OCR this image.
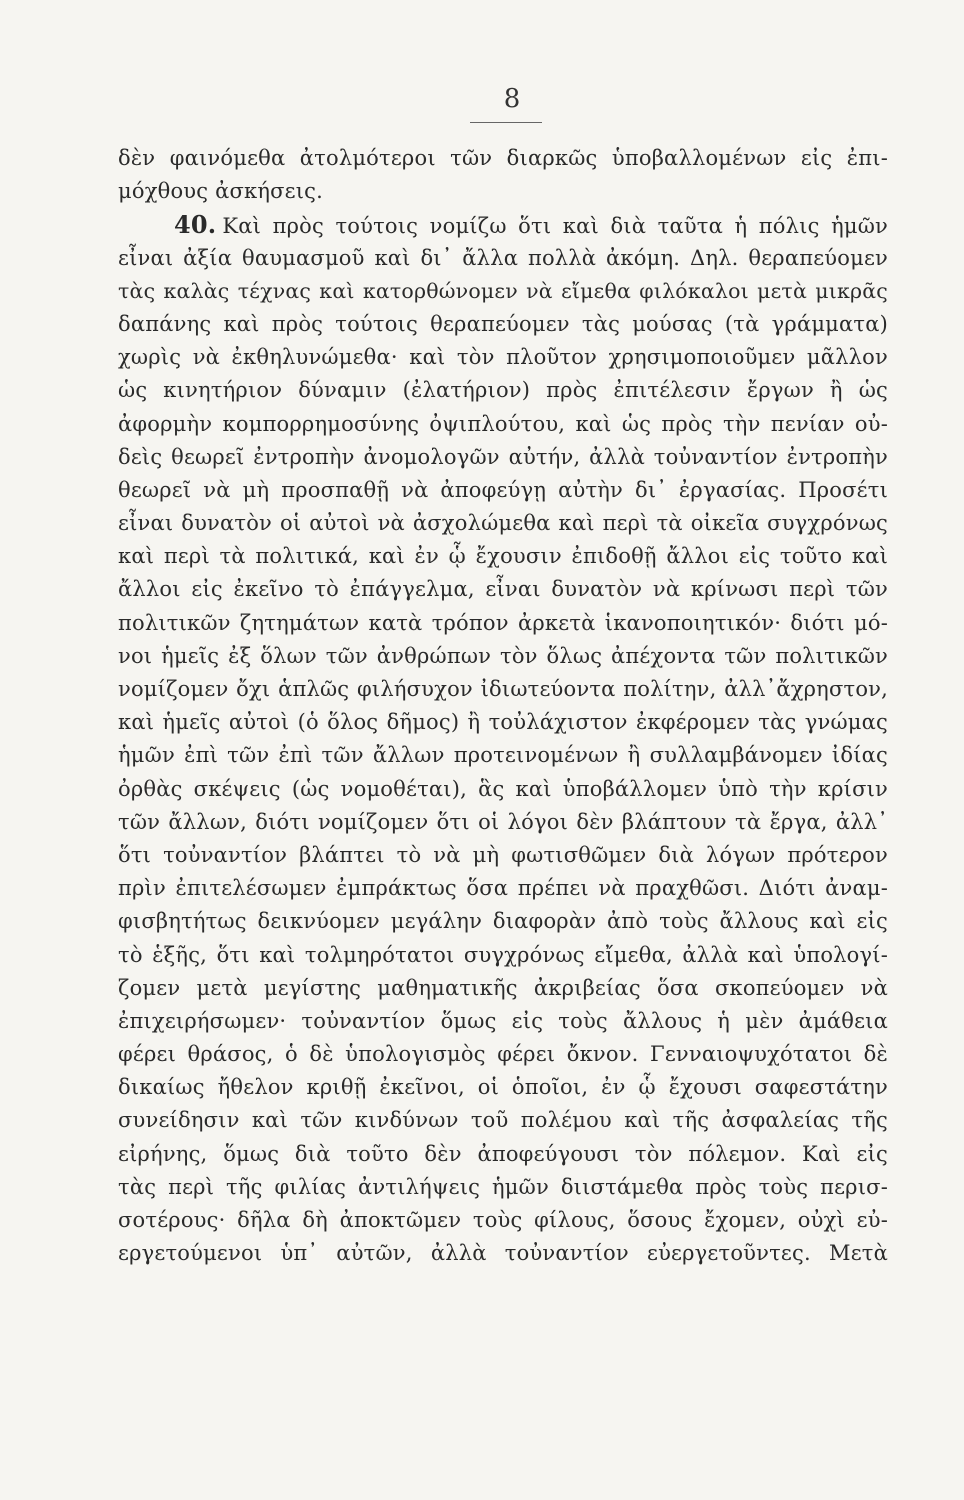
8
δὲν φαινόμεθα ἀτολμότεροι τῶν διαρκῶς ὑποβαλλομένων εἰς ἐπι-
μόχθους ἀσκήσεις.
40. Καὶ πρὸς τούτοις νομίζω ὅτι καὶ διὰ ταῦτα ἡ πόλις ἡμῶν
εἶναι ἀξία θαυμασμοῦ καὶ δι᾽ ἄλλα πολλὰ ἀκόμη. Δηλ. θεραπεύομεν
τὰς καλὰς τέχνας καὶ κατορθώνομεν νὰ εἴμεθα φιλόκαλοι μετὰ μικρᾶς
δαπάνης καὶ πρὸς τούτοις θεραπεύομεν τὰς μούσας (τὰ γράμματα)
χωρὶς νὰ ἐκθηλυνώμεθα· καὶ τὸν πλοῦτον χρησιμοποιοῦμεν μᾶλλον
ὡς κινητήριον δύναμιν (ἐλατήριον) πρὸς ἐπιτέλεσιν ἔργων ἢ ὡς
ἀφορμὴν κομπορρημοσύνης ὀψιπλούτου, καὶ ὡς πρὸς τὴν πενίαν οὐ-
δεὶς θεωρεῖ ἐντροπὴν ἀνομολογῶν αὐτήν, ἀλλὰ τοὐναντίον ἐντροπὴν
θεωρεῖ νὰ μὴ προσπαθῇ νὰ ἀποφεύγῃ αὐτὴν δι᾽ ἐργασίας. Προσέτι
εἶναι δυνατὸν οἱ αὐτοὶ νὰ ἀσχολώμεθα καὶ περὶ τὰ οἰκεῖα συγχρόνως
καὶ περὶ τὰ πολιτικά, καὶ ἐν ᾧ ἔχουσιν ἐπιδοθῇ ἄλλοι εἰς τοῦτο καὶ
ἄλλοι εἰς ἐκεῖνο τὸ ἐπάγγελμα, εἶναι δυνατὸν νὰ κρίνωσι περὶ τῶν
πολιτικῶν ζητημάτων κατὰ τρόπον ἀρκετὰ ἱκανοποιητικόν· διότι μό-
νοι ἡμεῖς ἐξ ὅλων τῶν ἀνθρώπων τὸν ὅλως ἀπέχοντα τῶν πολιτικῶν
νομίζομεν ὄχι ἁπλῶς φιλήσυχον ἰδιωτεύοντα πολίτην, ἀλλ᾽ἄχρηστον,
καὶ ἡμεῖς αὐτοὶ (ὁ ὅλος δῆμος) ἢ τοὐλάχιστον ἐκφέρομεν τὰς γνώμας
ἡμῶν ἐπὶ τῶν ἐπὶ τῶν ἄλλων προτεινομένων ἢ συλλαμβάνομεν ἰδίας
ὀρθὰς σκέψεις (ὡς νομοθέται), ἃς καὶ ὑποβάλλομεν ὑπὸ τὴν κρίσιν
τῶν ἄλλων, διότι νομίζομεν ὅτι οἱ λόγοι δὲν βλάπτουν τὰ ἔργα, ἀλλ᾽
ὅτι τοὐναντίον βλάπτει τὸ νὰ μὴ φωτισθῶμεν διὰ λόγων πρότερον
πρὶν ἐπιτελέσωμεν ἐμπράκτως ὅσα πρέπει νὰ πραχθῶσι. Διότι ἀναμ-
φισβητήτως δεικνύομεν μεγάλην διαφορὰν ἀπὸ τοὺς ἄλλους καὶ εἰς
τὸ ἑξῆς, ὅτι καὶ τολμηρότατοι συγχρόνως εἴμεθα, ἀλλὰ καὶ ὑπολογί-
ζομεν μετὰ μεγίστης μαθηματικῆς ἀκριβείας ὅσα σκοπεύομεν νὰ
ἐπιχειρήσωμεν· τοὐναντίον ὅμως εἰς τοὺς ἄλλους ἡ μὲν ἀμάθεια
φέρει θράσος, ὁ δὲ ὑπολογισμὸς φέρει ὄκνον. Γενναιοψυχότατοι δὲ
δικαίως ἤθελον κριθῇ ἐκεῖνοι, οἱ ὁποῖοι, ἐν ᾧ ἔχουσι σαφεστάτην
συνείδησιν καὶ τῶν κινδύνων τοῦ πολέμου καὶ τῆς ἀσφαλείας τῆς
εἰρήνης, ὅμως διὰ τοῦτο δὲν ἀποφεύγουσι τὸν πόλεμον. Καὶ εἰς
τὰς περὶ τῆς φιλίας ἀντιλήψεις ἡμῶν διιστάμεθα πρὸς τοὺς περισ-
σοτέρους· δῆλα δὴ ἀποκτῶμεν τοὺς φίλους, ὅσους ἔχομεν, οὐχὶ εὐ-
εργετούμενοι ὑπ᾽ αὐτῶν, ἀλλὰ τοὐναντίον εὐεργετοῦντες. Μετὰ
